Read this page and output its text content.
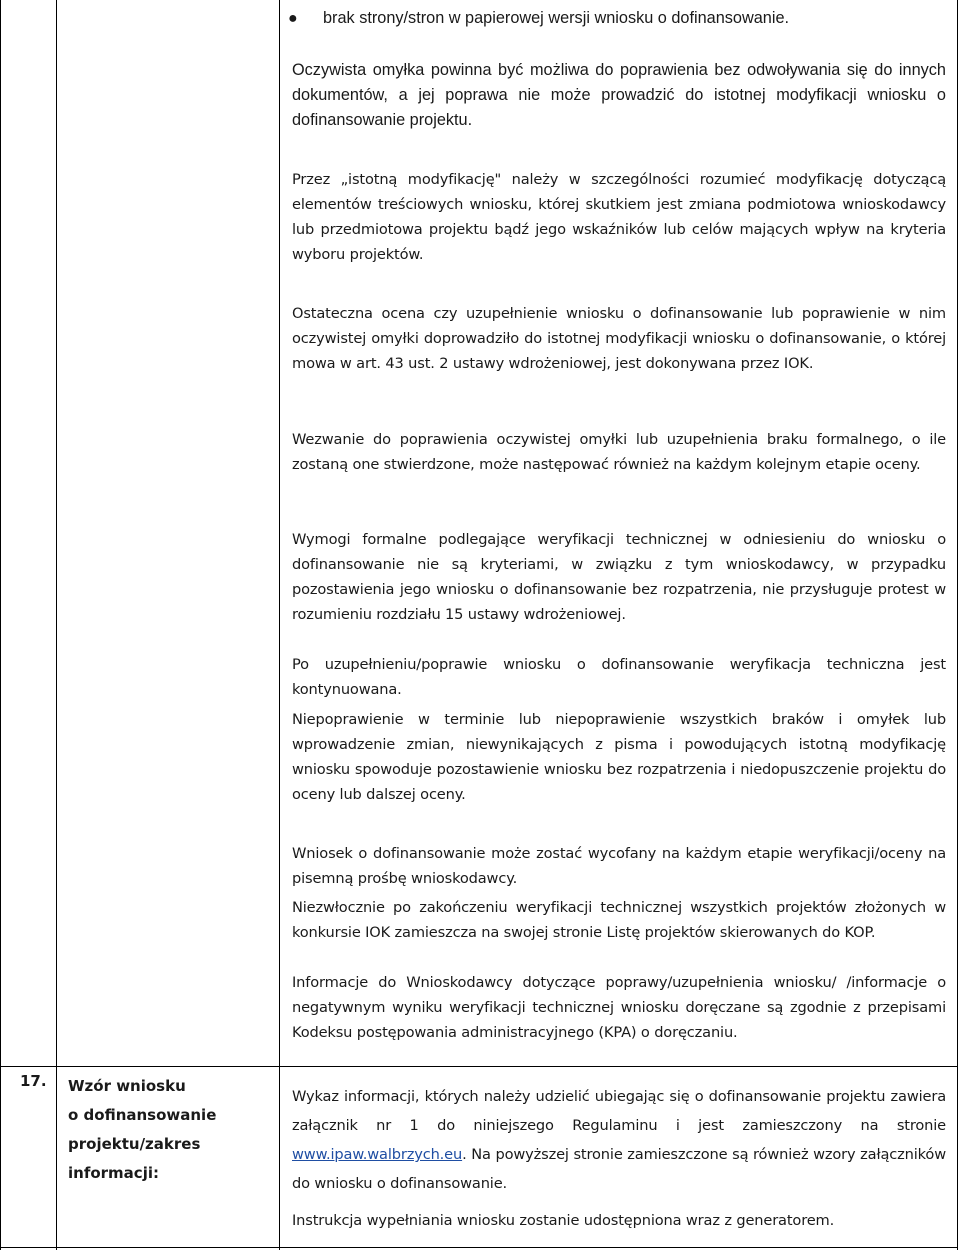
17. Wzór wniosku
o dofinansowanie
projektu/zakres
informacji:
● brak strony/stron w papierowej wersji wniosku o dofinansowanie.
Oczywista omyłka powinna być możliwa do poprawienia bez odwoływania się do innych dokumentów, a jej poprawa nie może prowadzić do istotnej modyfikacji wniosku o dofinansowanie projektu.
Przez „istotną modyfikację" należy w szczególności rozumieć modyfikację dotyczącą elementów treściowych wniosku, której skutkiem jest zmiana podmiotowa wnioskodawcy lub przedmiotowa projektu bądź jego wskaźników lub celów mających wpływ na kryteria wyboru projektów.
Ostateczna ocena czy uzupełnienie wniosku o dofinansowanie lub poprawienie w nim oczywistej omyłki doprowadziło do istotnej modyfikacji wniosku o dofinansowanie, o której mowa w art. 43 ust. 2 ustawy wdrożeniowej, jest dokonywana przez IOK.
Wezwanie do poprawienia oczywistej omyłki lub uzupełnienia braku formalnego, o ile zostaną one stwierdzone, może następować również na każdym kolejnym etapie oceny.
Wymogi formalne podlegające weryfikacji technicznej w odniesieniu do wniosku o dofinansowanie nie są kryteriami, w związku z tym wnioskodawcy, w przypadku pozostawienia jego wniosku o dofinansowanie bez rozpatrzenia, nie przysługuje protest w rozumieniu rozdziału 15 ustawy wdrożeniowej.
Po uzupełnieniu/poprawie wniosku o dofinansowanie weryfikacja techniczna jest kontynuowana.
Niepoprawienie w terminie lub niepoprawienie wszystkich braków i omyłek lub wprowadzenie zmian, niewynikających z pisma i powodujących istotną modyfikację wniosku spowoduje pozostawienie wniosku bez rozpatrzenia i niedopuszczenie projektu do oceny lub dalszej oceny.
Wniosek o dofinansowanie może zostać wycofany na każdym etapie weryfikacji/oceny na pisemną prośbę wnioskodawcy.
Niezwłocznie po zakończeniu weryfikacji technicznej wszystkich projektów złożonych w konkursie IOK zamieszcza na swojej stronie Listę projektów skierowanych do KOP.
Informacje do Wnioskodawcy dotyczące poprawy/uzupełnienia wniosku/ /informacje o negatywnym wyniku weryfikacji technicznej wniosku doręczane są zgodnie z przepisami Kodeksu postępowania administracyjnego (KPA) o doręczaniu.
Wykaz informacji, których należy udzielić ubiegając się o dofinansowanie projektu zawiera załącznik nr 1 do niniejszego Regulaminu i jest zamieszczony na stronie www.ipaw.walbrzych.eu. Na powyższej stronie zamieszczone są również wzory załączników do wniosku o dofinansowanie.
Instrukcja wypełniania wniosku zostanie udostępniona wraz z generatorem.
